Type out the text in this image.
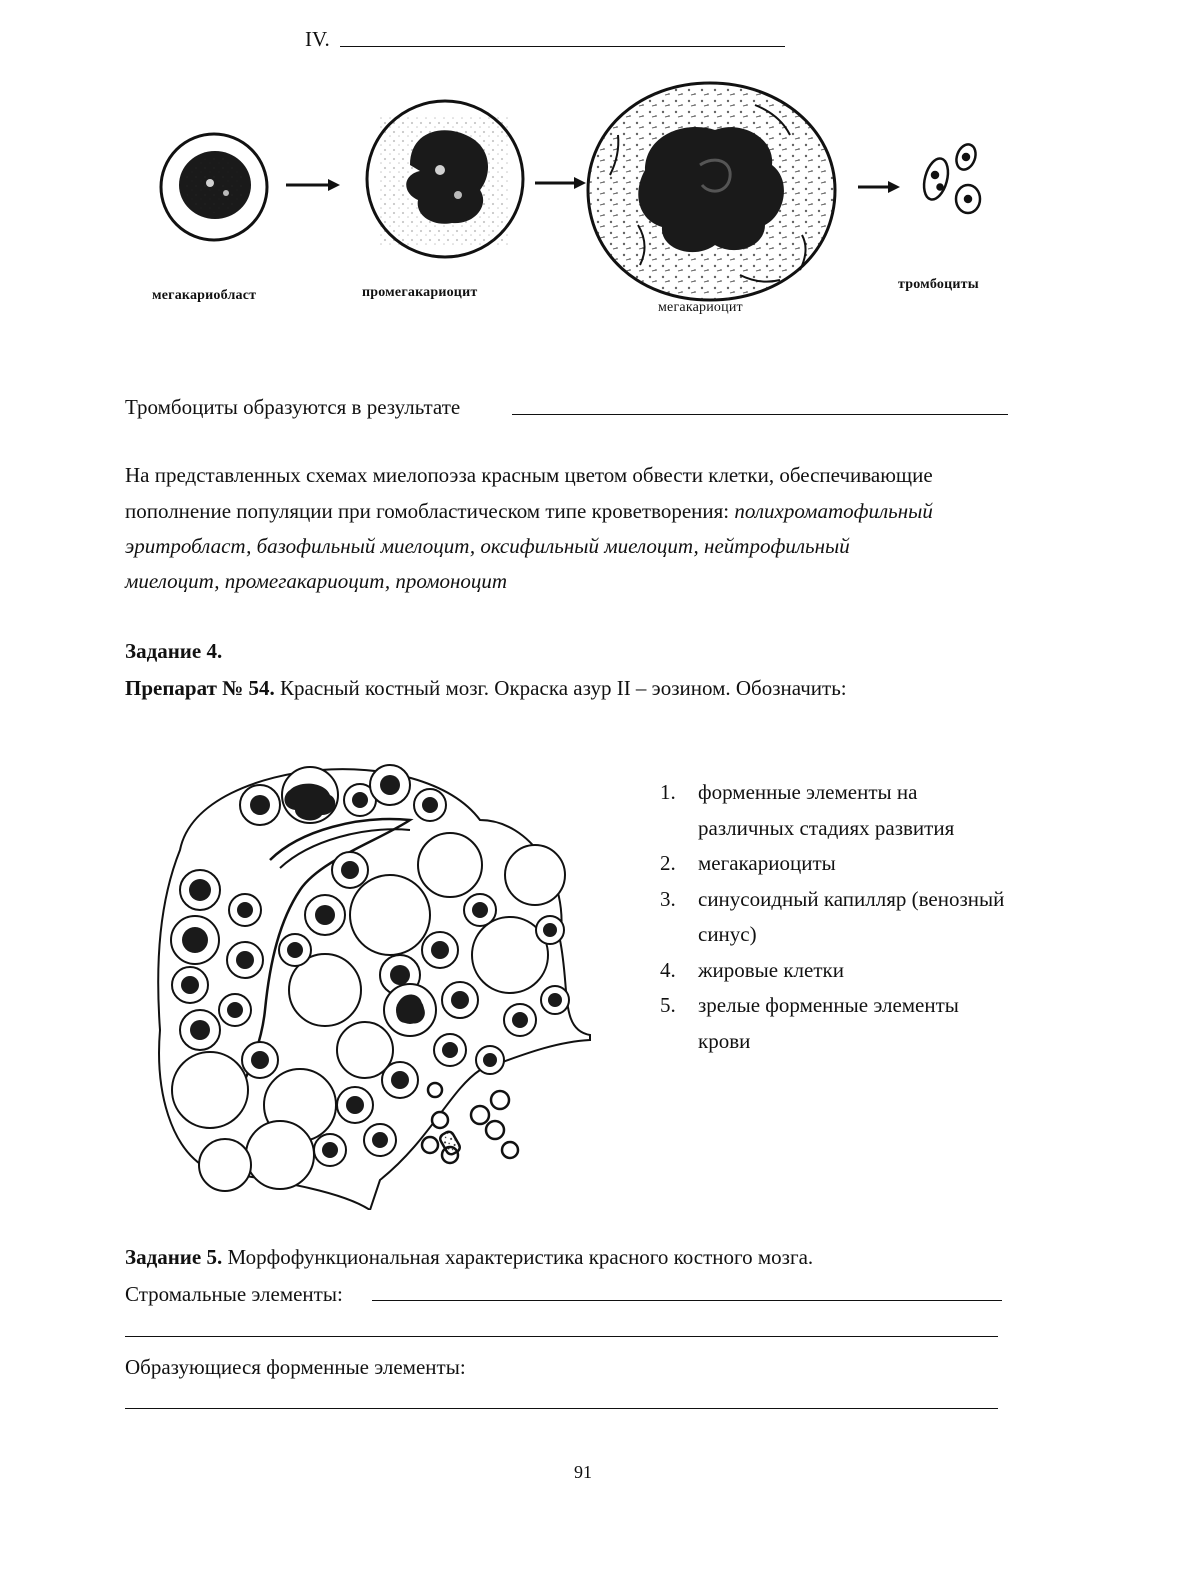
IV.
мегакариобласт	промегакариоцит
мегакариоцит
тромбоциты
Тромбоциты образуются в результате
На представленных схемах миелопоэза красным цветом обвести клетки, обеспечивающие
пополнение популяции при гомобластическом типе кроветворения: полихроматофильный
эритробласт, базофильный миелоцит, оксифильный миелоцит, нейтрофильный
миелоцит, промегакариоцит, промоноцит
Задание 4.
Препарат № 54. Красный костный мозг. Окраска азур II – эозином. Обозначить:
1. форменные элементы на
различных стадиях развития
2. мегакариоциты
3. синусоидный капилляр (венозный
синус)
4. жировые клетки
5. зрелые форменные элементы
крови
Задание 5. Морфофункциональная характеристика красного костного мозга.
Стромальные элементы:
Образующиеся форменные элементы:
91
